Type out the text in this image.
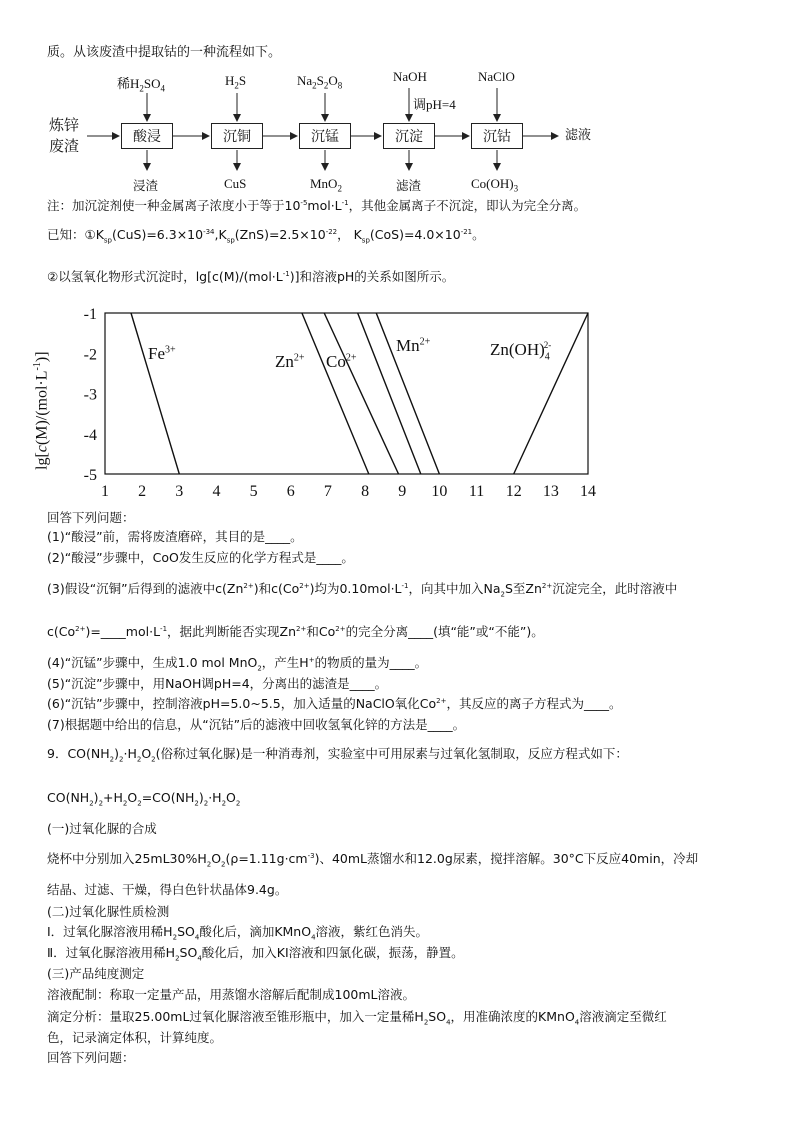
质。从该废渣中提取钴的一种流程如下。
炼锌
废渣	酸浸	沉铜	沉锰	沉淀	沉钴
稀$H_2SO_4$
$H_2S$	$Na_2S_2O_8$
NaOH	NaClO
调pH=4
浸渣	CuS	MnO$_2$	滤渣	$Co(OH)_3$
滤液
注：加沉淀剂使一种金属离子浓度小于等于$10^{-5}mol\cdot L^{-1}$，其他金属离子不沉淀，即认为完全分离。
已知：$①K_{sp}(CuS)=6.3\times 10^{-34},K_{sp}(ZnS)=2.5\times 10^{-22}$， $K_{sp}(CoS)=4.0\times 10^{-21}$。
②以氢氧化物形式沉淀时，$\lg[c(M)/(mol\cdot L^{-1})]$和溶液pH的关系如图所示。
1 2 3 4 5 6 7 8 9 10 11 12 13 14
-1
-2
-3
-4
-5
$\lg[c(M)/(mol\cdot L^{-1})]$	$Fe^{3+}$
$Zn^{2+}$ $Co^{2+}$
$Mn^{2+}$	$Zn(OH)_4^{2-}$
回答下列问题：
(1)“酸浸”前，需将废渣磨碎，其目的是____。
(2)“酸浸”步骤中，CoO发生反应的化学方程式是____。
(3)假设“沉铜”后得到的滤液中$c(Zn^{2+})$和$c(Co^{2+})$均为$0.10mol\cdot L^{-1}$，向其中加入$Na_2S$至$Zn^{2+}$沉淀完全，此时溶液中
$c(Co^{2+})=\_\_\_\_mol\cdot L^{-1}$，据此判断能否实现$Zn^{2+}$和$Co^{2+}$的完全分离____(填“能”或“不能”)。
(4)“沉锰”步骤中，生成1.0 mol MnO$_2$，产生H+的物质的量为____。
(5)“沉淀”步骤中，用NaOH调pH=4，分离出的滤渣是____。
(6)“沉钴”步骤中，控制溶液pH=5.0~5.5，加入适量的NaClO氧化$Co^{2+}$，其反应的离子方程式为____。
(7)根据题中给出的信息，从“沉钴”后的滤液中回收氢氧化锌的方法是____。
9．$CO(NH_2)_2\cdot H_2O_2$(俗称过氧化脲)是一种消毒剂，实验室中可用尿素与过氧化氢制取，反应方程式如下：
$CO(NH_2)_2+H_2O_2=CO(NH_2)_2\cdot H_2O_2$
(一)过氧化脲的合成
烧杯中分别加入$25mL30\%H_2O_2(\rho=1.11g\cdot cm^{-3})$、40mL蒸馏水和12.0g尿素，搅拌溶解。30°C下反应40min，冷却
结晶、过滤、干燥，得白色针状晶体9.4g。
(二)过氧化脲性质检测
Ⅰ．过氧化脲溶液用稀$H_2SO_4$酸化后，滴加KMnO$_4$溶液，紫红色消失。
Ⅱ．过氧化脲溶液用稀$H_2SO_4$酸化后，加入KI溶液和四氯化碳，振荡，静置。
(三)产品纯度测定
溶液配制：称取一定量产品，用蒸馏水溶解后配制成100mL溶液。
滴定分析：量取25.00mL过氧化脲溶液至锥形瓶中，加入一定量稀$H_2SO_4$，用准确浓度的KMnO$_4$溶液滴定至微红
色，记录滴定体积，计算纯度。
回答下列问题：
